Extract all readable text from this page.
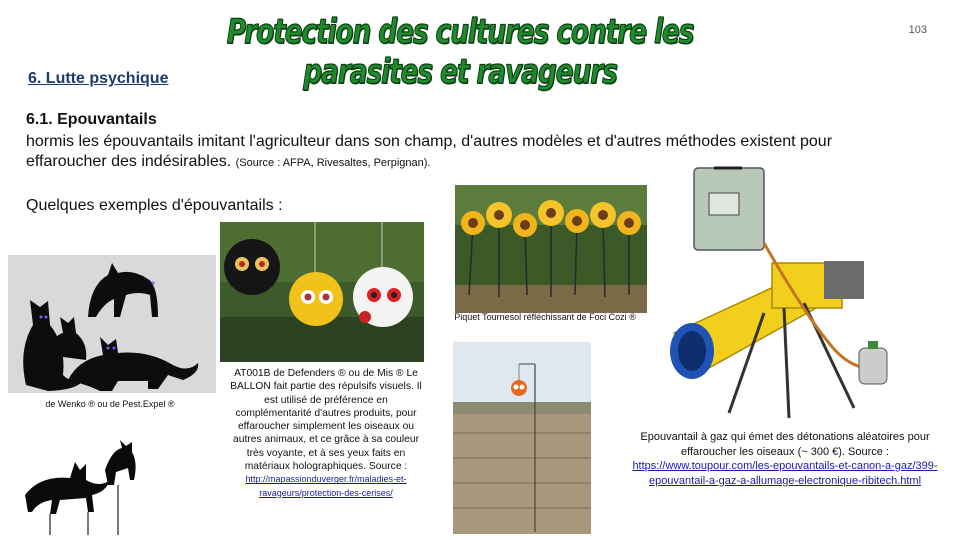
Protection des cultures contre les parasites et ravageurs
103
6. Lutte psychique
6.1. Epouvantails
hormis les épouvantails imitant l'agriculteur dans son champ, d'autres modèles et d'autres méthodes existent pour effaroucher des indésirables. (Source : AFPA, Rivesaltes, Perpignan).
Quelques exemples d'épouvantails :
de Wenko ® ou de Pest.Expel ®
AT001B de Defenders ® ou de Mis ® Le BALLON fait partie des répulsifs visuels. Il est utilisé de préférence en complémentarité d'autres produits, pour effaroucher simplement les oiseaux ou autres animaux, et ce grâce à sa couleur très voyante, et à ses yeux faits en matériaux holographiques. Source : http://mapassionduverger.fr/maladies-et-ravageurs/protection-des-cerises/
Piquet Tournesol réfléchissant de Foci Cozi ®
Epouvantail à gaz qui émet des détonations aléatoires pour effaroucher les oiseaux (~ 300 €). Source : https://www.toupour.com/les-epouvantails-et-canon-a-gaz/399-epouvantail-a-gaz-a-allumage-electronique-ribitech.html
